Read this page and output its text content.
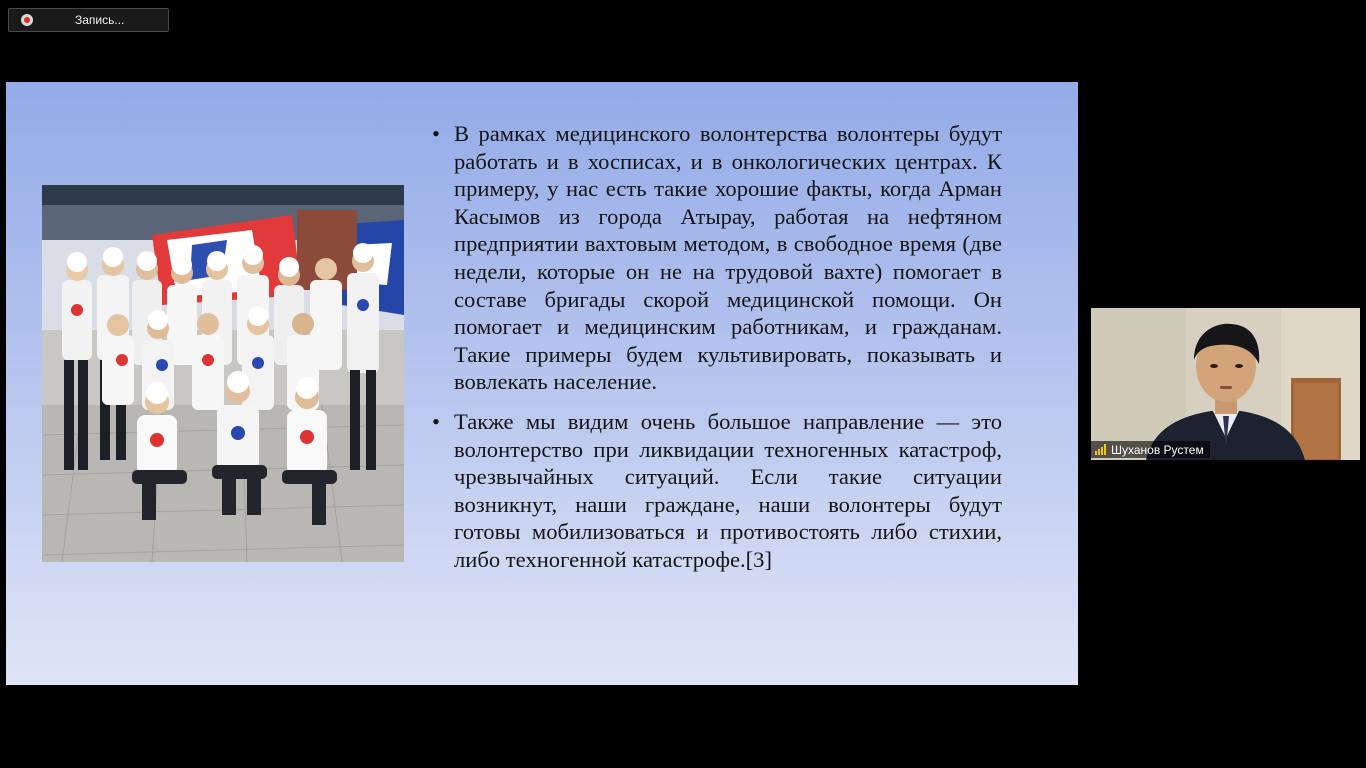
Запись...
• В рамках медицинского волонтерства волонтеры будут работать и в хосписах, и в онкологических центрах. К примеру, у нас есть такие хорошие факты, когда Арман Касымов из города Атырау, работая на нефтяном предприятии вахтовым методом, в свободное время (две недели, которые он не на трудовой вахте) помогает в составе бригады скорой медицинской помощи. Он помогает и медицинским работникам, и гражданам. Такие примеры будем культивировать, показывать и вовлекать население.
• Также мы видим очень большое направление — это волонтерство при ликвидации техногенных катастроф, чрезвычайных ситуаций. Если такие ситуации возникнут, наши граждане, наши волонтеры будут готовы мобилизоваться и противостоять либо стихии, либо техногенной катастрофе.[3]
Шуханов Рустем
